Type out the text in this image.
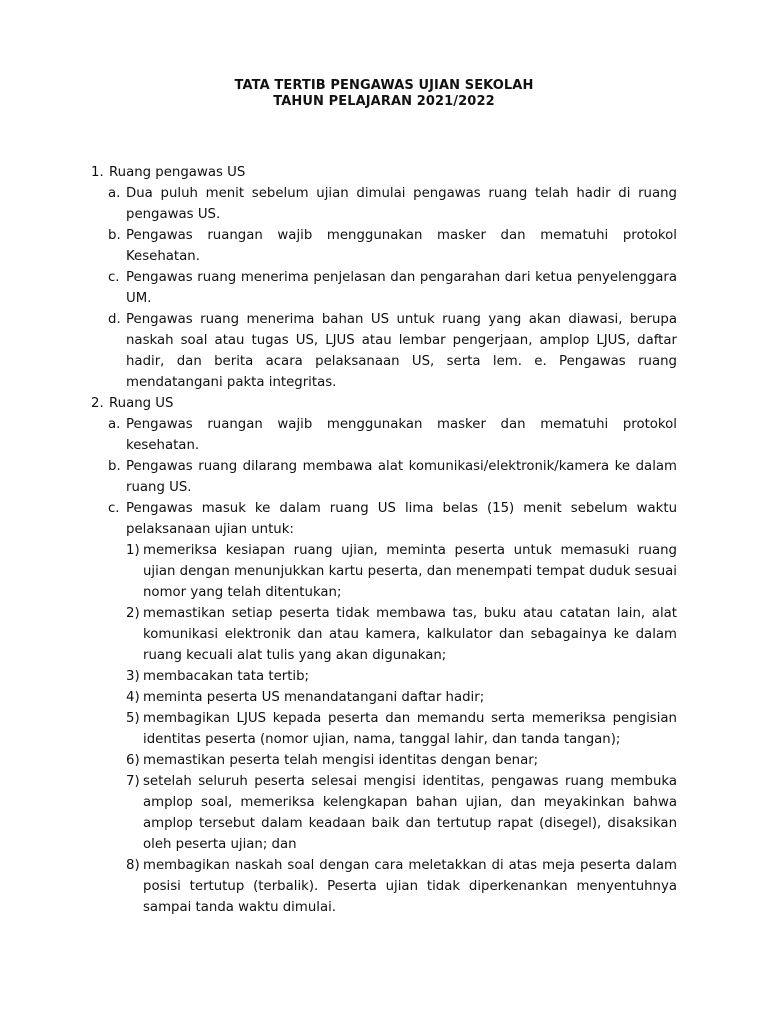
TATA TERTIB PENGAWAS UJIAN SEKOLAH
TAHUN PELAJARAN 2021/2022
1. Ruang pengawas US
a. Dua puluh menit sebelum ujian dimulai pengawas ruang telah hadir di ruang pengawas US.
b. Pengawas ruangan wajib menggunakan masker dan mematuhi protokol Kesehatan.
c. Pengawas ruang menerima penjelasan dan pengarahan dari ketua penyelenggara UM.
d. Pengawas ruang menerima bahan US untuk ruang yang akan diawasi, berupa naskah soal atau tugas US, LJUS atau lembar pengerjaan, amplop LJUS, daftar hadir, dan berita acara pelaksanaan US, serta lem. e. Pengawas ruang mendatangani pakta integritas.
2. Ruang US
a. Pengawas ruangan wajib menggunakan masker dan mematuhi protokol kesehatan.
b. Pengawas ruang dilarang membawa alat komunikasi/elektronik/kamera ke dalam ruang US.
c. Pengawas masuk ke dalam ruang US lima belas (15) menit sebelum waktu pelaksanaan ujian untuk:
1) memeriksa kesiapan ruang ujian, meminta peserta untuk memasuki ruang ujian dengan menunjukkan kartu peserta, dan menempati tempat duduk sesuai nomor yang telah ditentukan;
2) memastikan setiap peserta tidak membawa tas, buku atau catatan lain, alat komunikasi elektronik dan atau kamera, kalkulator dan sebagainya ke dalam ruang kecuali alat tulis yang akan digunakan;
3) membacakan tata tertib;
4) meminta peserta US menandatangani daftar hadir;
5) membagikan LJUS kepada peserta dan memandu serta memeriksa pengisian identitas peserta (nomor ujian, nama, tanggal lahir, dan tanda tangan);
6) memastikan peserta telah mengisi identitas dengan benar;
7) setelah seluruh peserta selesai mengisi identitas, pengawas ruang membuka amplop soal, memeriksa kelengkapan bahan ujian, dan meyakinkan bahwa amplop tersebut dalam keadaan baik dan tertutup rapat (disegel), disaksikan oleh peserta ujian; dan
8) membagikan naskah soal dengan cara meletakkan di atas meja peserta dalam posisi tertutup (terbalik). Peserta ujian tidak diperkenankan menyentuhnya sampai tanda waktu dimulai.
